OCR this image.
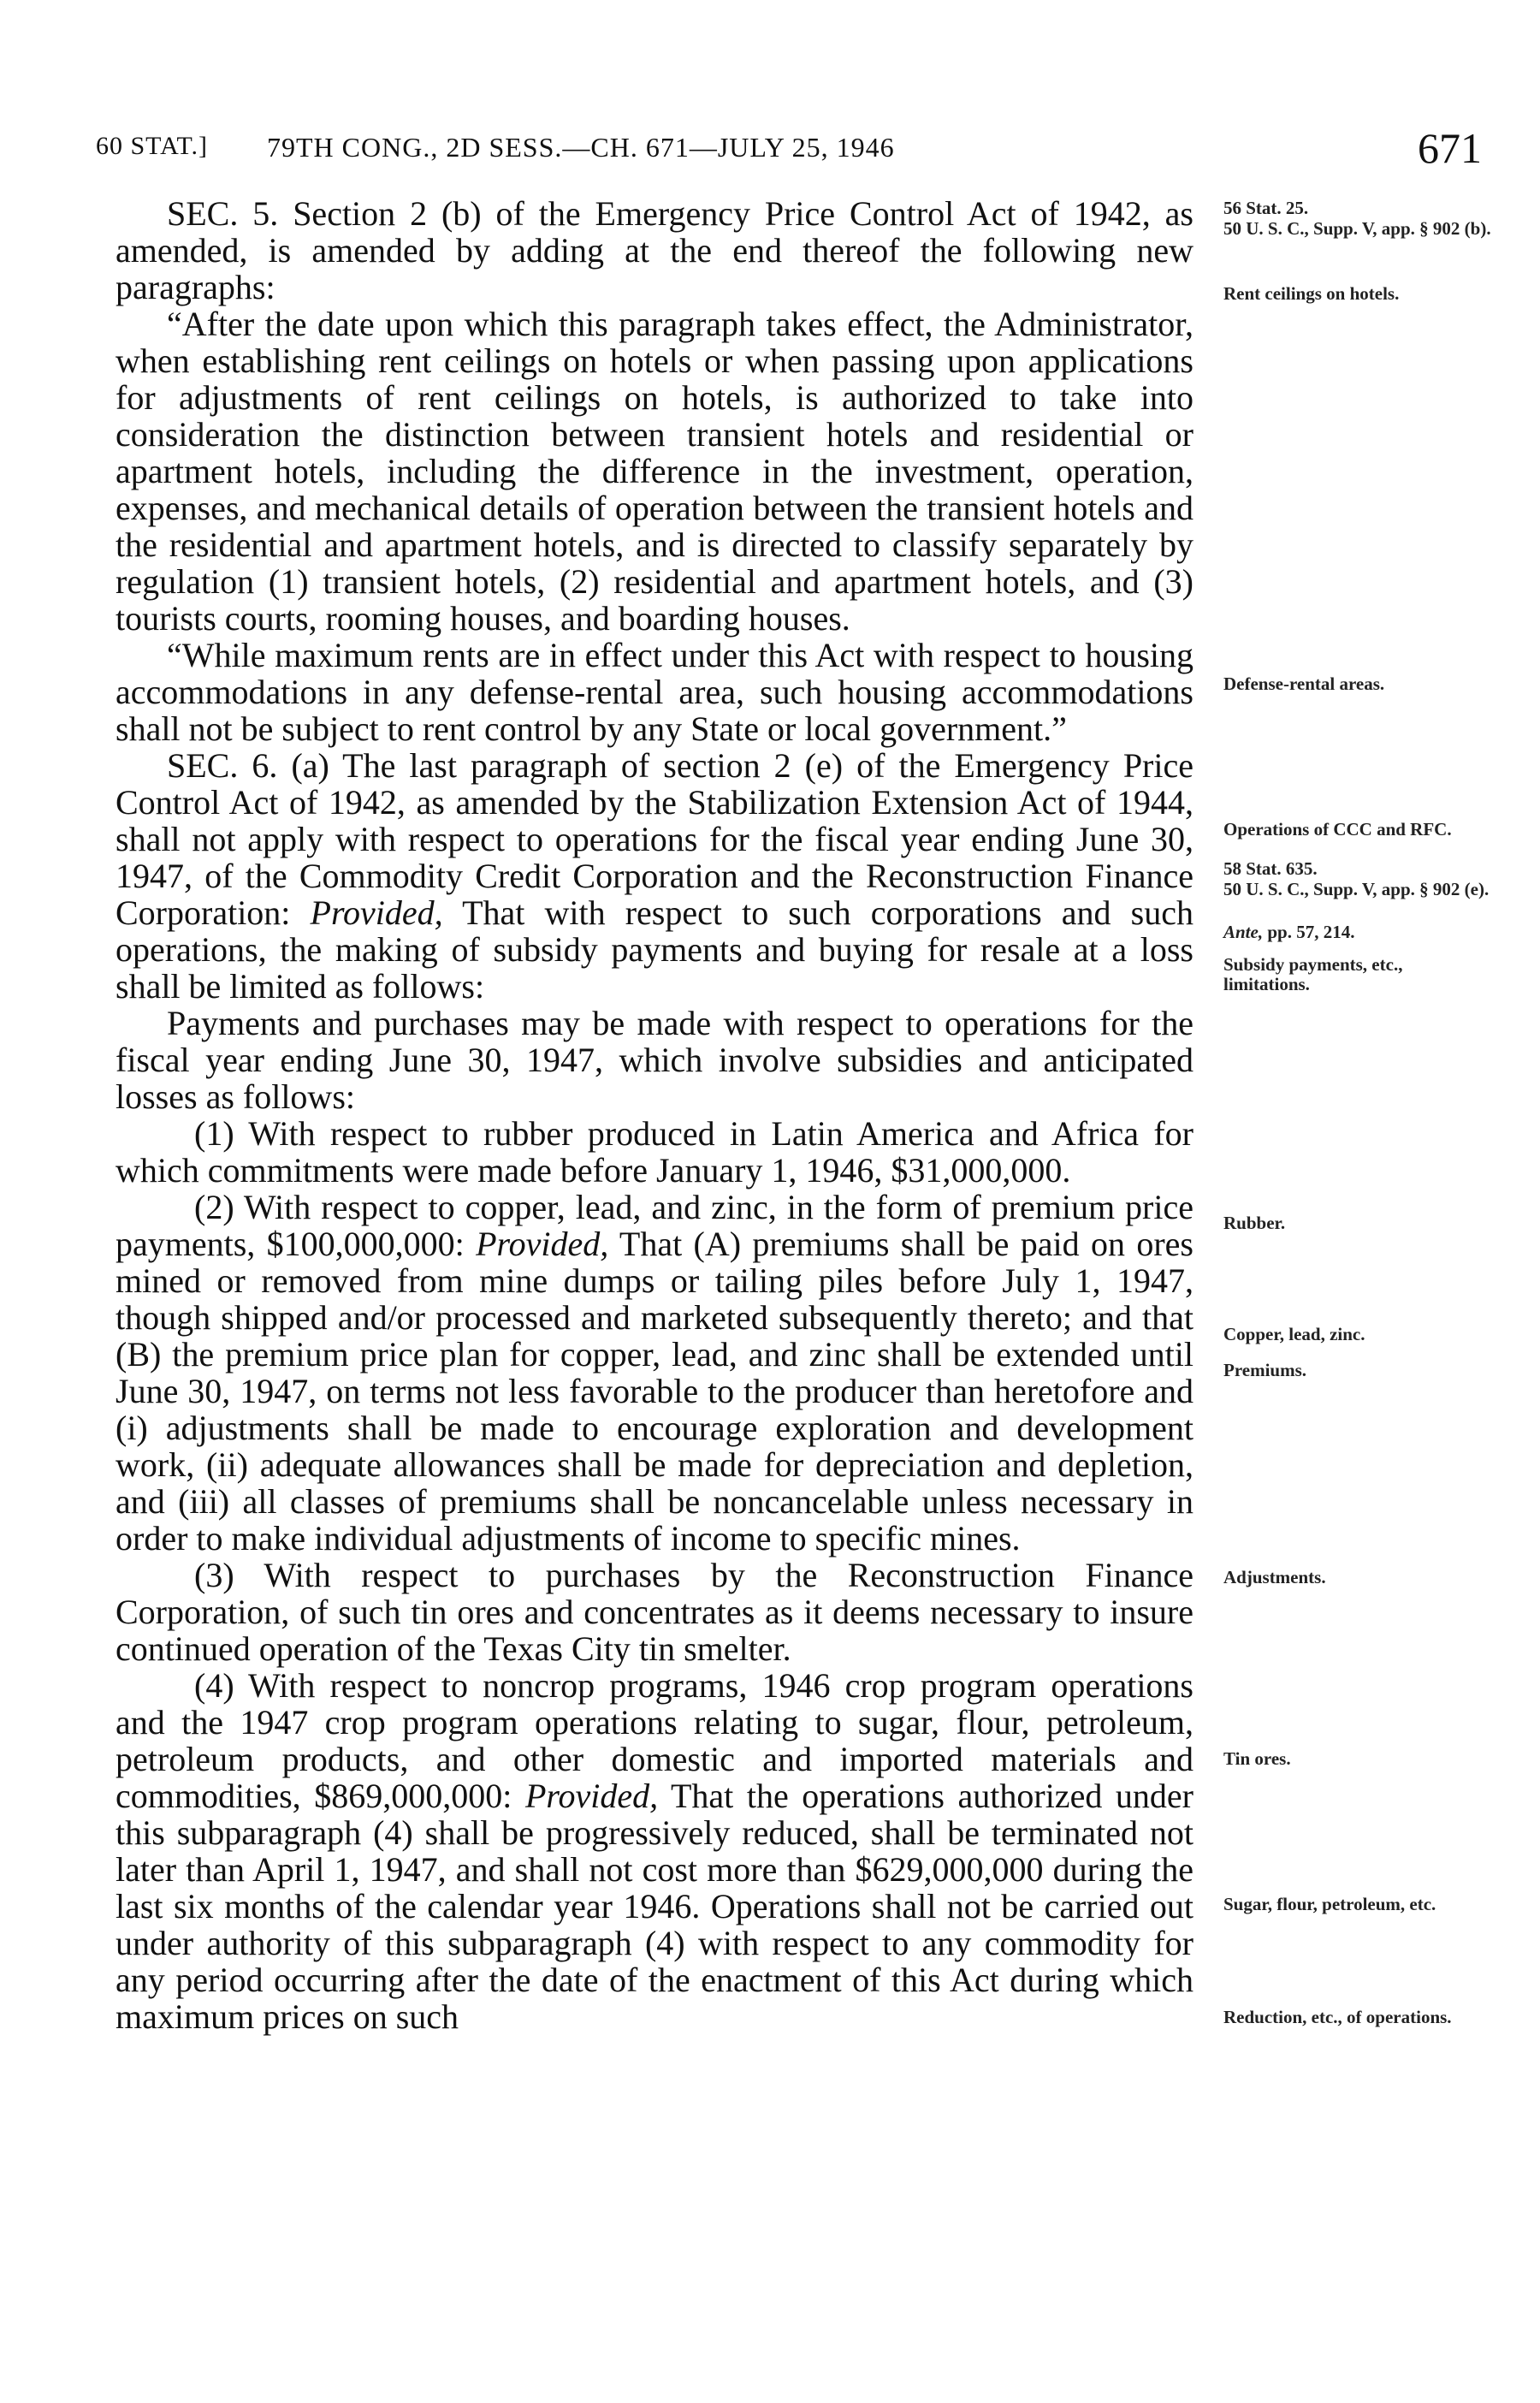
60 STAT.] 79TH CONG., 2D SESS.—CH. 671—JULY 25, 1946	671

SEC. 5. Section 2 (b) of the Emergency Price Control Act of 1942, as amended, is amended by adding at the end thereof the following new paragraphs:

“After the date upon which this paragraph takes effect, the Administrator, when establishing rent ceilings on hotels or when passing upon applications for adjustments of rent ceilings on hotels, is authorized to take into consideration the distinction between transient hotels and residential or apartment hotels, including the difference in the investment, operation, expenses, and mechanical details of operation between the transient hotels and the residential and apartment hotels, and is directed to classify separately by regulation (1) transient hotels, (2) residential and apartment hotels, and (3) tourists courts, rooming houses, and boarding houses.

“While maximum rents are in effect under this Act with respect to housing accommodations in any defense-rental area, such housing accommodations shall not be subject to rent control by any State or local government.”

SEC. 6. (a) The last paragraph of section 2 (e) of the Emergency Price Control Act of 1942, as amended by the Stabilization Extension Act of 1944, shall not apply with respect to operations for the fiscal year ending June 30, 1947, of the Commodity Credit Corporation and the Reconstruction Finance Corporation: Provided, That with respect to such corporations and such operations, the making of subsidy payments and buying for resale at a loss shall be limited as follows:

Payments and purchases may be made with respect to operations for the fiscal year ending June 30, 1947, which involve subsidies and anticipated losses as follows:

(1) With respect to rubber produced in Latin America and Africa for which commitments were made before January 1, 1946, $31,000,000.

(2) With respect to copper, lead, and zinc, in the form of premium price payments, $100,000,000: Provided, That (A) premiums shall be paid on ores mined or removed from mine dumps or tailing piles before July 1, 1947, though shipped and/or processed and marketed subsequently thereto; and that (B) the premium price plan for copper, lead, and zinc shall be extended until June 30, 1947, on terms not less favorable to the producer than heretofore and (i) adjustments shall be made to encourage exploration and development work, (ii) adequate allowances shall be made for depreciation and depletion, and (iii) all classes of premiums shall be noncancelable unless necessary in order to make individual adjustments of income to specific mines.

(3) With respect to purchases by the Reconstruction Finance Corporation, of such tin ores and concentrates as it deems necessary to insure continued operation of the Texas City tin smelter.

(4) With respect to noncrop programs, 1946 crop program operations and the 1947 crop program operations relating to sugar, flour, petroleum, petroleum products, and other domestic and imported materials and commodities, $869,000,000: Provided, That the operations authorized under this subparagraph (4) shall be progressively reduced, shall be terminated not later than April 1, 1947, and shall not cost more than $629,000,000 during the last six months of the calendar year 1946. Operations shall not be carried out under authority of this subparagraph (4) with respect to any commodity for any period occurring after the date of the enactment of this Act during which maximum prices on such

56 Stat. 25.
50 U. S. C., Supp. V, app. § 902 (b).
Rent ceilings on hotels.
Defense-rental areas.
Operations of CCC and RFC.
58 Stat. 635.
50 U. S. C., Supp. V, app. § 902 (e).
Ante, pp. 57, 214.
Subsidy payments, etc., limitations.
Rubber.
Copper, lead, zinc.
Premiums.
Adjustments.
Tin ores.
Sugar, flour, petroleum, etc.
Reduction, etc., of operations.
